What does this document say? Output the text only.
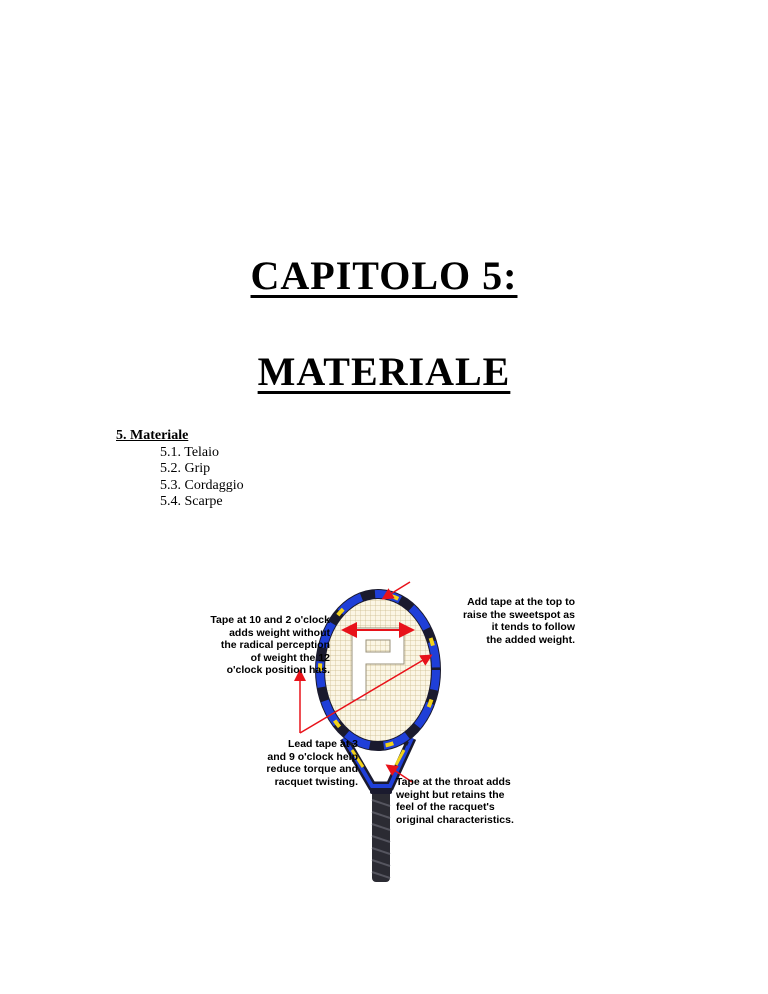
CAPITOLO 5:
MATERIALE
5. Materiale
5.1. Telaio
5.2. Grip
5.3. Cordaggio
5.4. Scarpe
Add tape at the top to
raise the sweetspot as
it tends to follow
the added weight.
Tape at 10 and 2 o'clock
adds weight without
the radical perception
of weight the 12
o'clock position has.
Lead tape at 3
and 9 o'clock help
reduce torque and
racquet twisting.	Tape at the throat adds
weight but retains the
feel of the racquet's
original characteristics.
